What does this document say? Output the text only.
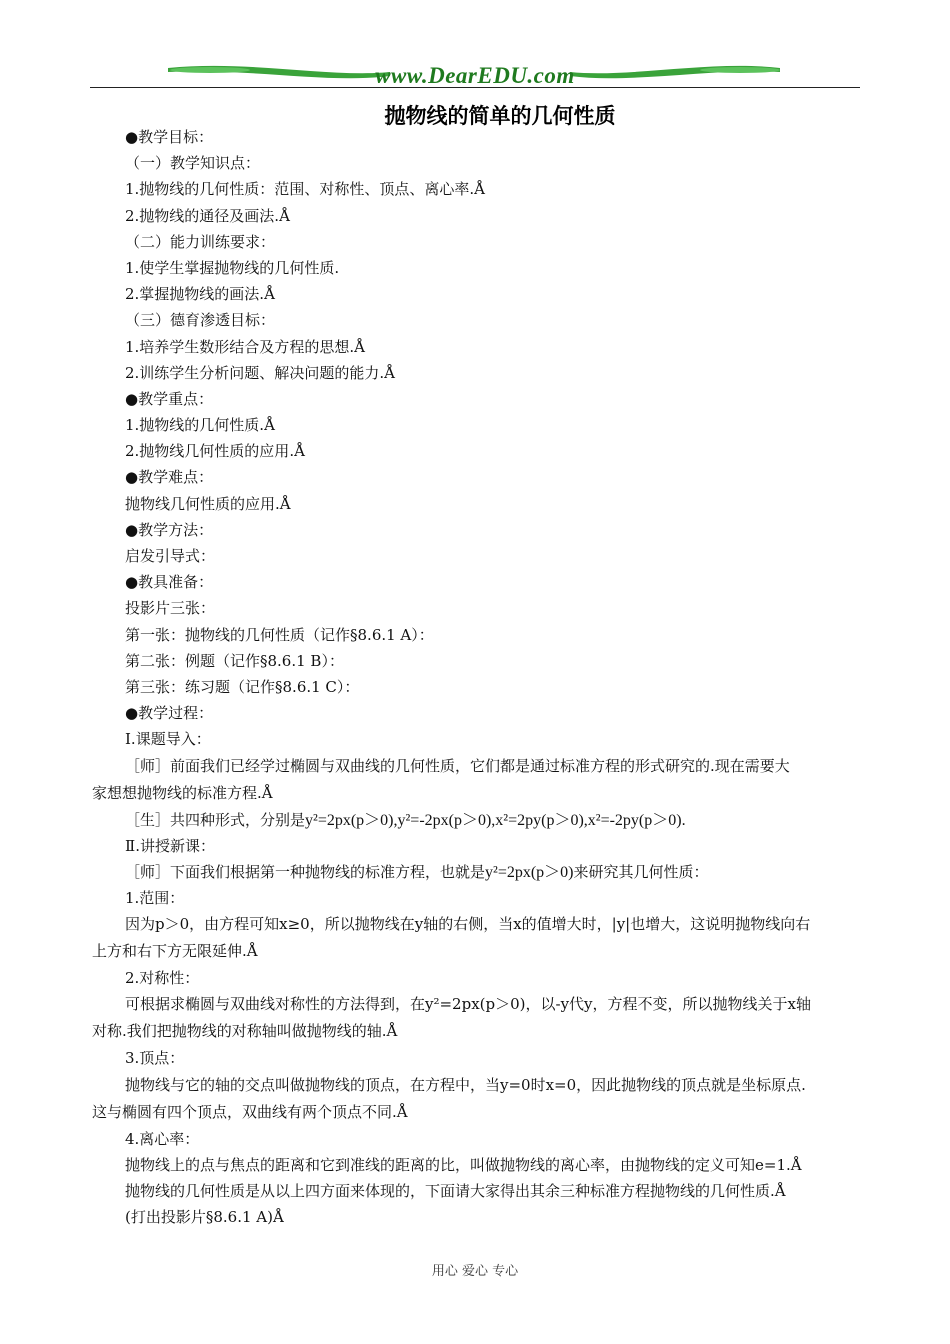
www.DearEDU.com
抛物线的简单的几何性质
●教学目标：
（一）教学知识点：
1.抛物线的几何性质：范围、对称性、顶点、离心率.Å
2.抛物线的通径及画法.Å
（二）能力训练要求：
1.使学生掌握抛物线的几何性质.
2.掌握抛物线的画法.Å
（三）德育渗透目标：
1.培养学生数形结合及方程的思想.Å
2.训练学生分析问题、解决问题的能力.Å
●教学重点：
1.抛物线的几何性质.Å
2.抛物线几何性质的应用.Å
●教学难点：
抛物线几何性质的应用.Å
●教学方法：
启发引导式：
●教具准备：
投影片三张：
第一张：抛物线的几何性质（记作§8.6.1 A）：
第二张：例题（记作§8.6.1 B）：
第三张：练习题（记作§8.6.1 C）：
●教学过程：
Ⅰ.课题导入：
［师］前面我们已经学过椭圆与双曲线的几何性质，它们都是通过标准方程的形式研究的.现在需要大
家想想抛物线的标准方程.Å
［生］共四种形式，分别是y²=2px(p＞0),y²=-2px(p＞0),x²=2py(p＞0),x²=-2py(p＞0).
Ⅱ.讲授新课：
［师］下面我们根据第一种抛物线的标准方程，也就是y²=2px(p＞0)来研究其几何性质：
1.范围：
因为p＞0，由方程可知x≥0，所以抛物线在y轴的右侧，当x的值增大时，|y|也增大，这说明抛物线向右
上方和右下方无限延伸.Å
2.对称性：
可根据求椭圆与双曲线对称性的方法得到，在y²=2px(p＞0)，以-y代y，方程不变，所以抛物线关于x轴
对称.我们把抛物线的对称轴叫做抛物线的轴.Å
3.顶点：
抛物线与它的轴的交点叫做抛物线的顶点，在方程中，当y=0时x=0，因此抛物线的顶点就是坐标原点.
这与椭圆有四个顶点，双曲线有两个顶点不同.Å
4.离心率：
抛物线上的点与焦点的距离和它到准线的距离的比，叫做抛物线的离心率，由抛物线的定义可知e=1.Å
抛物线的几何性质是从以上四方面来体现的，下面请大家得出其余三种标准方程抛物线的几何性质.Å
(打出投影片§8.6.1 A)Å
用心 爱心 专心
